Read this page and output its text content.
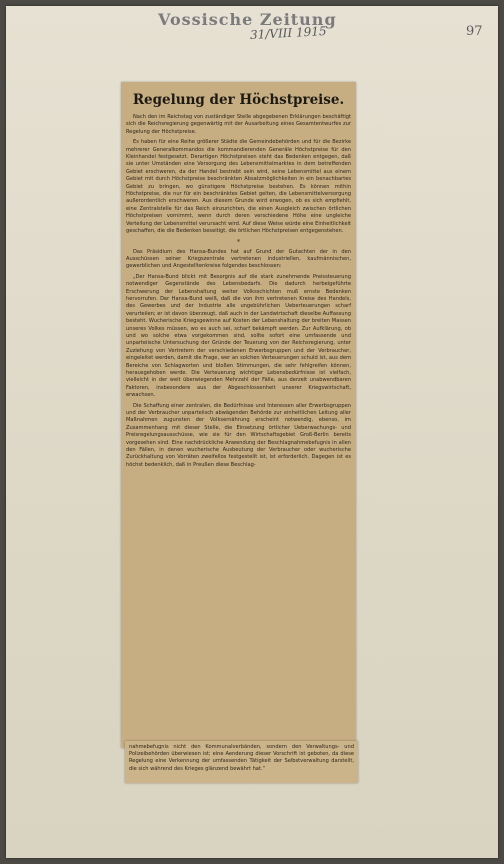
Vossische Zeitung
31/VIII 1915	97
Regelung der Höchstpreise.

Nach den im Reichstag von zuständiger Stelle abgegebenen Erklärungen beschäftigt sich die Reichsregierung gegenwärtig mit der Ausarbeitung eines Gesamtentwurfes zur Regelung der Höchstpreise.

Es haben für eine Reihe größerer Städte die Gemeindebehörden und für die Bezirke mehrerer Generalkommandos die kommandierenden Generäle Höchstpreise für den Kleinhandel festgesetzt. Derartigen Höchstpreisen steht das Bedenken entgegen, daß sie unter Umständen eine Versorgung des Lebensmittelmarktes in dem betreffenden Gebiet erschweren, da der Handel bestrebt sein wird, seine Lebensmittel aus einem Gebiet mit durch Höchstpreise beschränkten Absatzmöglichkeiten in ein benachbartes Gebiet zu bringen, wo günstigere Höchstpreise bestehen. Es können mithin Höchstpreise, die nur für ein beschränktes Gebiet gelten, die Lebensmittelversorgung außerordentlich erschweren. Aus diesem Grunde wird erwogen, ob es sich empfiehlt, eine Zentralstelle für das Reich einzurichten, die einen Ausgleich zwischen örtlichen Höchstpreisen vornimmt, wenn durch deren verschiedene Höhe eine ungleiche Verteilung der Lebensmittel verursacht wird. Auf diese Weise würde eine Einheitlichkeit geschaffen, die die Bedenken beseitigt, die örtlichen Höchstpreisen entgegenstehen.

*

Das Präsidium des Hansa-Bundes hat auf Grund der Gutachten der in den Ausschüssen seiner Kriegszentrale vertretenen industriellen, kaufmännischen, gewerblichen und Angestelltenkreise folgendes beschlossen:

„Der Hansa-Bund blickt mit Besorgnis auf die stark zunehmende Preissteuerung notwendiger Gegenstände des Lebensbedarfs. Die dadurch herbeigeführte Erschwerung der Lebenshaltung weiter Volksschichten muß ernste Bedenken hervorrufen. Der Hansa-Bund weiß, daß die von ihm vertretenen Kreise des Handels, des Gewerbes und der Industrie alle ungebührlichen Ueberteuerungen scharf verurteilen; er ist davon überzeugt, daß auch in der Landwirtschaft dieselbe Auffassung besteht. Wucherische Kriegsgewinne auf Kosten der Lebenshaltung der breiten Massen unseres Volkes müssen, wo es auch sei, scharf bekämpft werden. Zur Aufklärung, ob und wo solche etwa vorgekommen sind, sollte sofort eine umfassende und unparteiische Untersuchung der Gründe der Teuerung von der Reichsregierung, unter Zuziehung von Vertretern der verschiedenen Erwerbsgruppen und der Verbraucher, eingeleitet werden, damit die Frage, wer an solchen Verteuerungen schuld ist, aus dem Bereiche von Schlagworten und bloßen Stimmungen, die sehr fehlgreifen können, herausgehoben werde. Die Verteuerung wichtiger Lebensbedürfnisse ist vielfach, vielleicht in der weit überwiegenden Mehrzahl der Fälle, aus derzeit unabwendbaren Faktoren, insbesondere aus der Abgeschlossenheit unserer Kriegswirtschaft, erwachsen.

Die Schaffung einer zentralen, die Bedürfnisse und Interessen aller Erwerbsgruppen und der Verbraucher unparteiisch abwägenden Behörde zur einheitlichen Leitung aller Maßnahmen zugunsten der Volksernährung erscheint notwendig, ebenso, im Zusammenhang mit dieser Stelle, die Einsetzung örtlicher Ueberwachungs- und Preisregelungsausschüsse, wie sie für den Wirtschaftsgebiet Groß-Berlin bereits vorgesehen sind. Eine nachdrückliche Anwendung der Beschlagnahmebefugnis in allen den Fällen, in denen wucherische Ausbeutung der Verbraucher oder wucherische Zurückhaltung von Vorräten zweifellos festgestellt ist, ist erforderlich. Dagegen ist es höchst bedenklich, daß in Preußen diese Beschlag-

nahmebefugnis nicht den Kommunalverbänden, sondern den Verwaltungs- und Polizeibehörden überwiesen ist; eine Aenderung dieser Vorschrift ist geboten, da diese Regelung eine Verkennung der umfassenden Tätigkeit der Selbstverwaltung darstellt, die sich während des Krieges glänzend bewährt hat.“
